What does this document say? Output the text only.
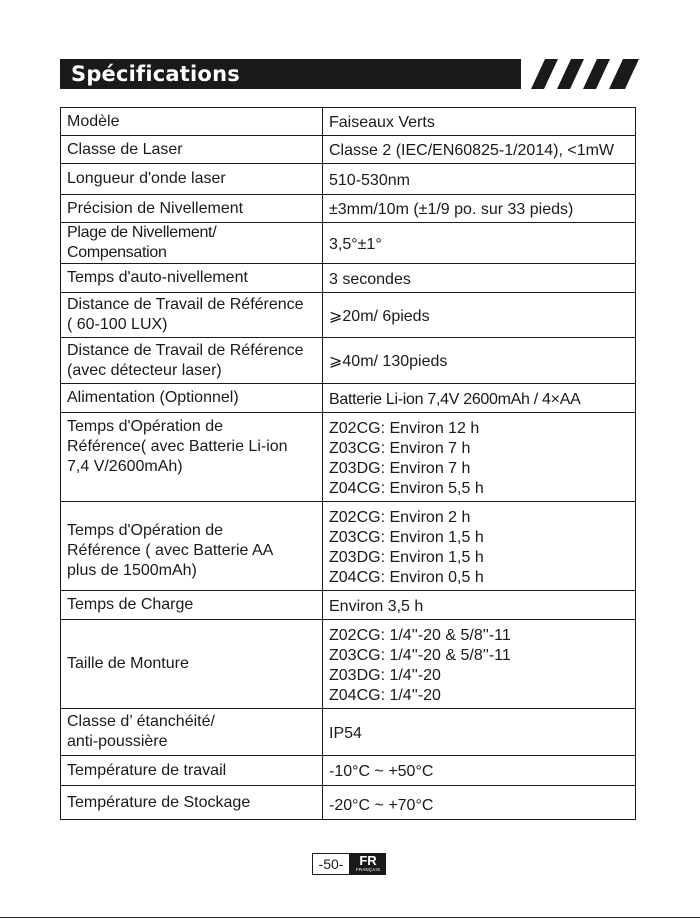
Spécifications
Modèle	Faiseaux Verts
Classe de Laser	Classe 2 (IEC/EN60825-1/2014), <1mW
Longueur d'onde laser	510-530nm
Précision de Nivellement	±3mm/10m (±1/9 po. sur 33 pieds)
Plage de Nivellement/ Compensation	3,5°±1°
Temps d'auto-nivellement	3 secondes
Distance de Travail de Référence
( 60-100 LUX)	⩾20m/ 6pieds
Distance de Travail de Référence
(avec détecteur laser)	⩾40m/ 130pieds
Alimentation (Optionnel)	Batterie Li-ion 7,4V 2600mAh / 4×AA
Temps d'Opération de
Référence( avec Batterie Li-ion
7,4 V/2600mAh)	Z02CG: Environ 12 h
Z03CG: Environ 7 h
Z03DG: Environ 7 h
Z04CG: Environ 5,5 h
Temps d'Opération de
Référence ( avec Batterie AA
plus de 1500mAh)	Z02CG: Environ 2 h
Z03CG: Environ 1,5 h
Z03DG: Environ 1,5 h
Z04CG: Environ 0,5 h
Temps de Charge	Environ 3,5 h
Taille de Monture	Z02CG: 1/4''-20 & 5/8''-11
Z03CG: 1/4''-20 & 5/8''-11
Z03DG: 1/4''-20
Z04CG: 1/4''-20
Classe d’ étanchéité/
anti-poussière	IP54
Température de travail	-10°C ~ +50°C
Température de Stockage	-20°C ~ +70°C
-50-	FR
FRANÇAIS
